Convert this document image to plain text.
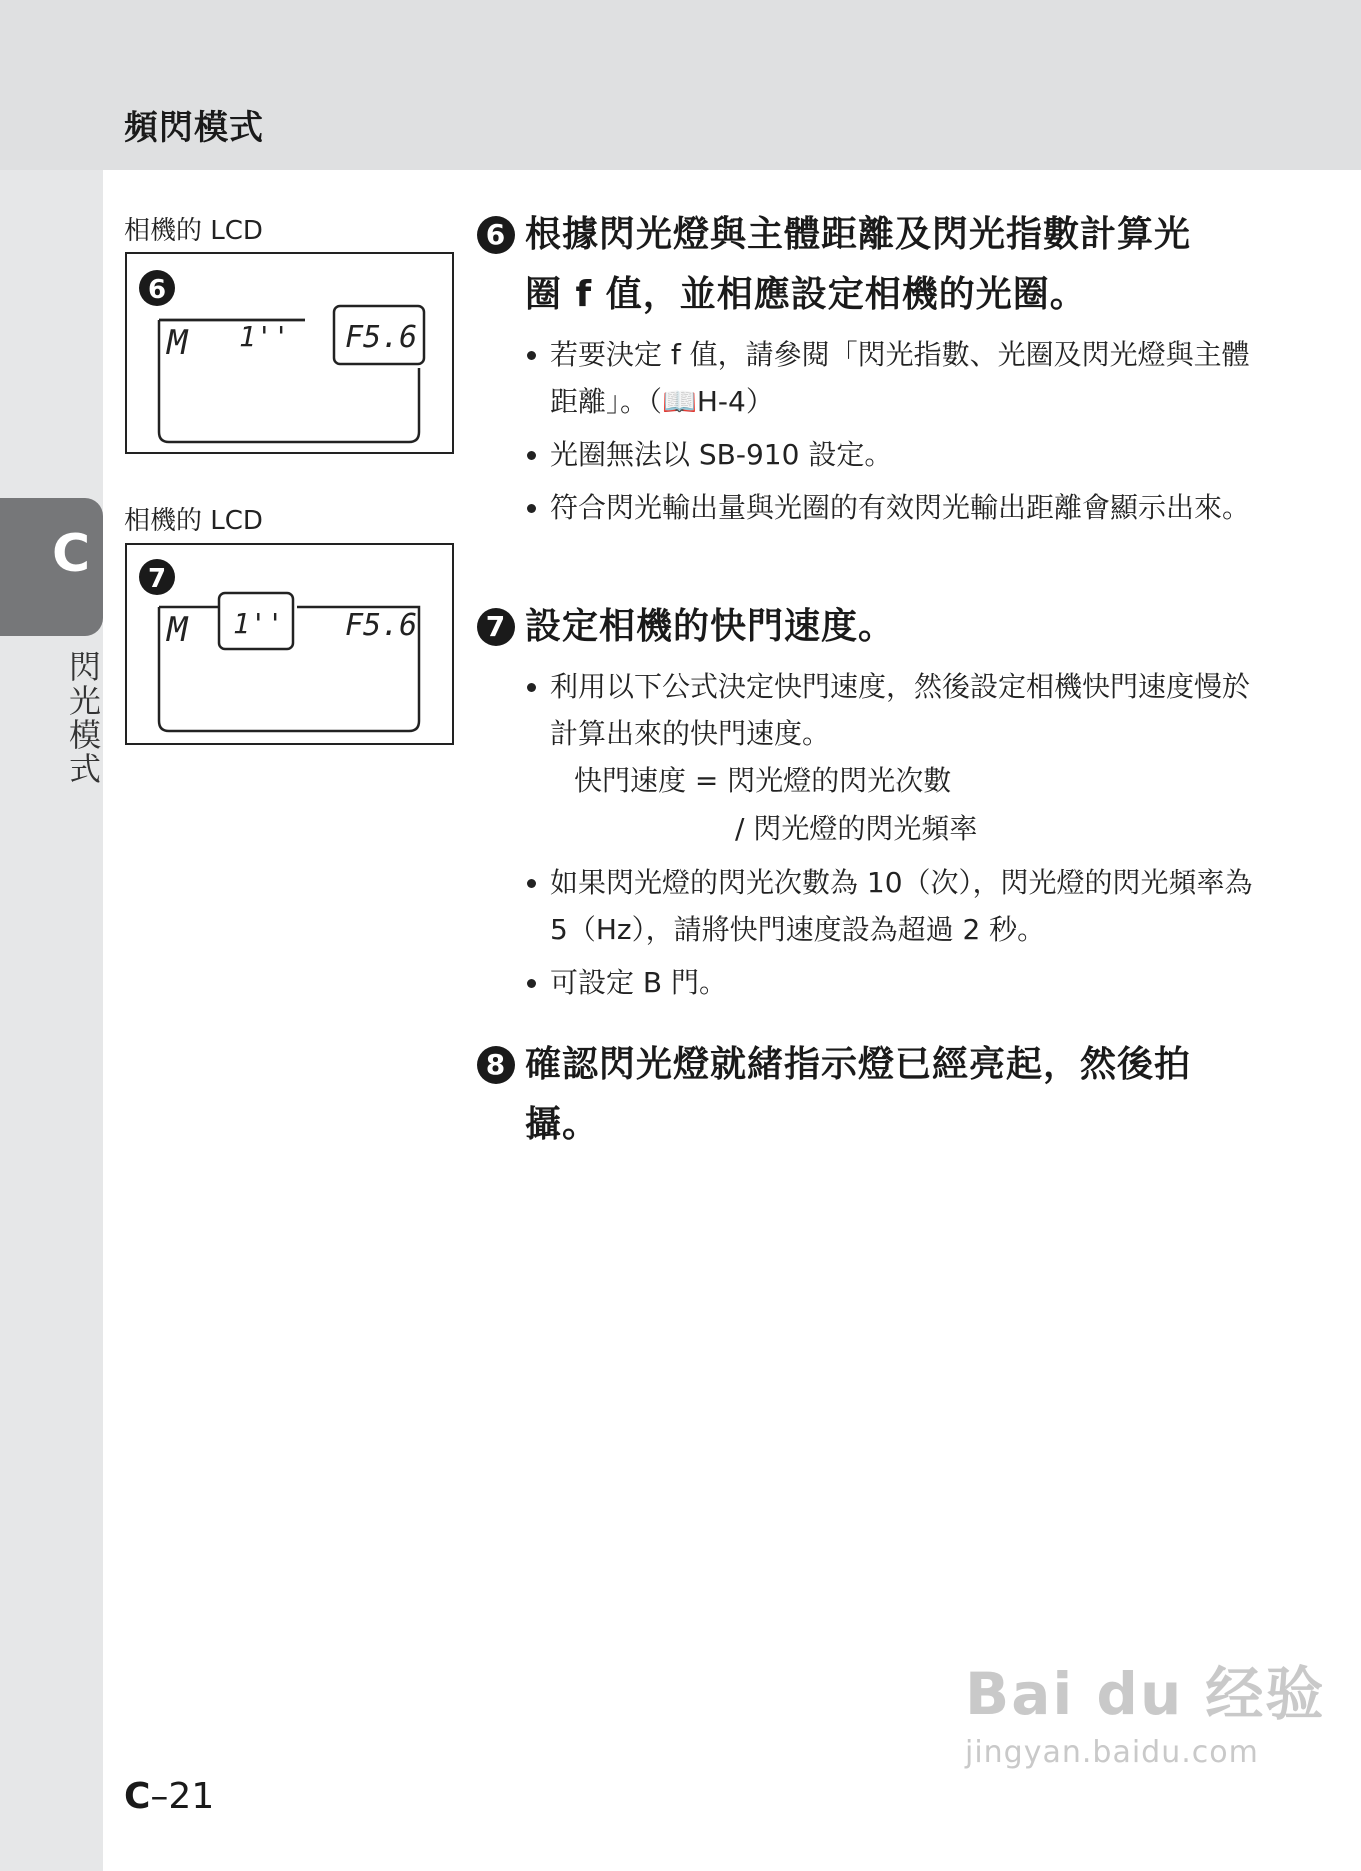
頻閃模式
C
閃光模式
相機的 LCD
6
M 1'' F5.6
相機的 LCD
7
M 1'' F5.6
6 根據閃光燈與主體距離及閃光指數計算光
圈 f 值，並相應設定相機的光圈。
若要決定 f 值，請參閱「閃光指數、光圈及閃光燈與主體距離」。（📖H-4）
光圈無法以 SB-910 設定。
符合閃光輸出量與光圈的有效閃光輸出距離會顯示出來。
7 設定相機的快門速度。
利用以下公式決定快門速度，然後設定相機快門速度慢於計算出來的快門速度。
快門速度 = 閃光燈的閃光次數
/ 閃光燈的閃光頻率
如果閃光燈的閃光次數為 10（次），閃光燈的閃光頻率為 5（Hz），請將快門速度設為超過 2 秒。
可設定 B 門。
8 確認閃光燈就緒指示燈已經亮起，然後拍
攝。
C–21
Bai du 经验
jingyan.baidu.com
